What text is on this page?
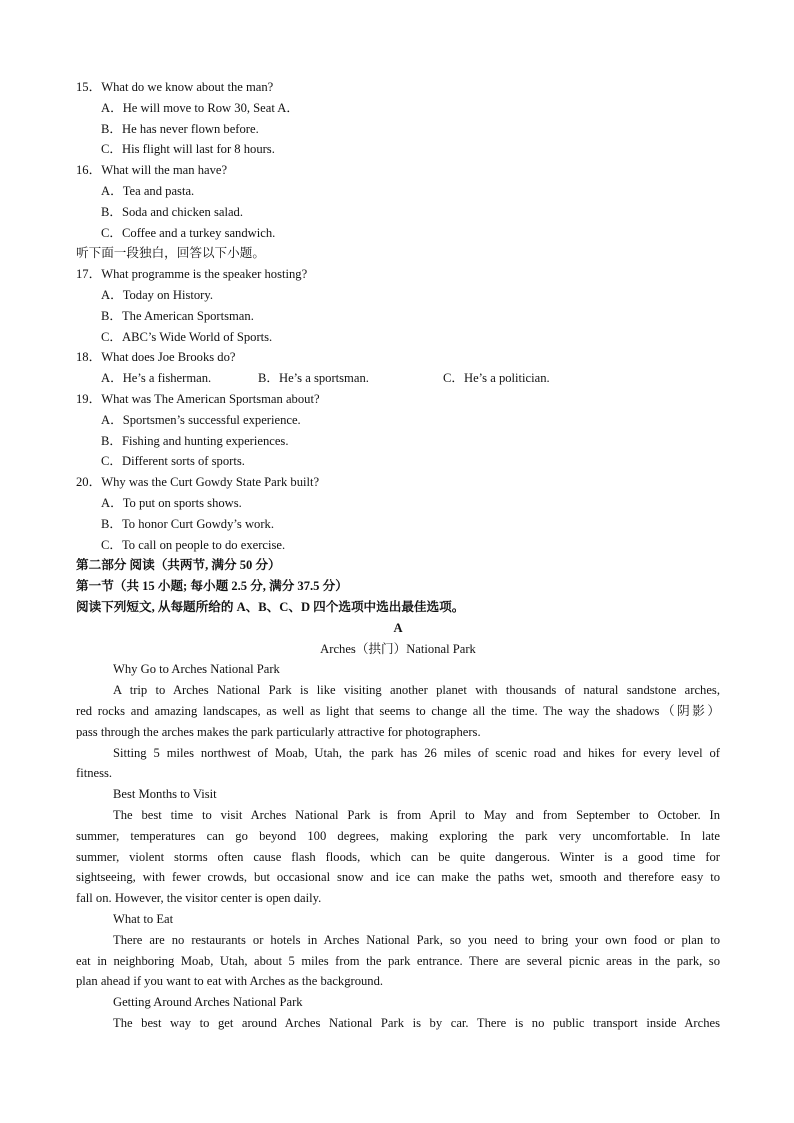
15．What do we know about the man?
A．He will move to Row 30, Seat A．
B．He has never flown before.
C．His flight will last for 8 hours.
16．What will the man have?
A．Tea and pasta.
B．Soda and chicken salad.
C．Coffee and a turkey sandwich.
听下面一段独白，回答以下小题。
17．What programme is the speaker hosting?
A．Today on History.
B．The American Sportsman.
C．ABC’s Wide World of Sports.
18．What does Joe Brooks do?
A．He’s a fisherman.	B．He’s a sportsman.	C．He’s a politician.
19．What was The American Sportsman about?
A．Sportsmen’s successful experience.
B．Fishing and hunting experiences.
C．Different sorts of sports.
20．Why was the Curt Gowdy State Park built?
A．To put on sports shows.
B．To honor Curt Gowdy’s work.
C．To call on people to do exercise.
第二部分 阅读（共两节, 满分 50 分）
第一节（共 15 小题; 每小题 2.5 分, 满分 37.5 分）
阅读下列短文, 从每题所给的 A、B、C、D 四个选项中选出最佳选项。
A
Arches（拱门）National Park
Why Go to Arches National Park
A trip to Arches National Park is like visiting another planet with thousands of natural sandstone arches,
red rocks and amazing landscapes, as well as light that seems to change all the time. The way the shadows（阴影）
pass through the arches makes the park particularly attractive for photographers.
Sitting 5 miles northwest of Moab, Utah, the park has 26 miles of scenic road and hikes for every level of
fitness.
Best Months to Visit
The best time to visit Arches National Park is from April to May and from September to October. In
summer, temperatures can go beyond 100 degrees, making exploring the park very uncomfortable. In late
summer, violent storms often cause flash floods, which can be quite dangerous. Winter is a good time for
sightseeing, with fewer crowds, but occasional snow and ice can make the paths wet, smooth and therefore easy to
fall on. However, the visitor center is open daily.
What to Eat
There are no restaurants or hotels in Arches National Park, so you need to bring your own food or plan to
eat in neighboring Moab, Utah, about 5 miles from the park entrance. There are several picnic areas in the park, so
plan ahead if you want to eat with Arches as the background.
Getting Around Arches National Park
The best way to get around Arches National Park is by car. There is no public transport inside Arches
